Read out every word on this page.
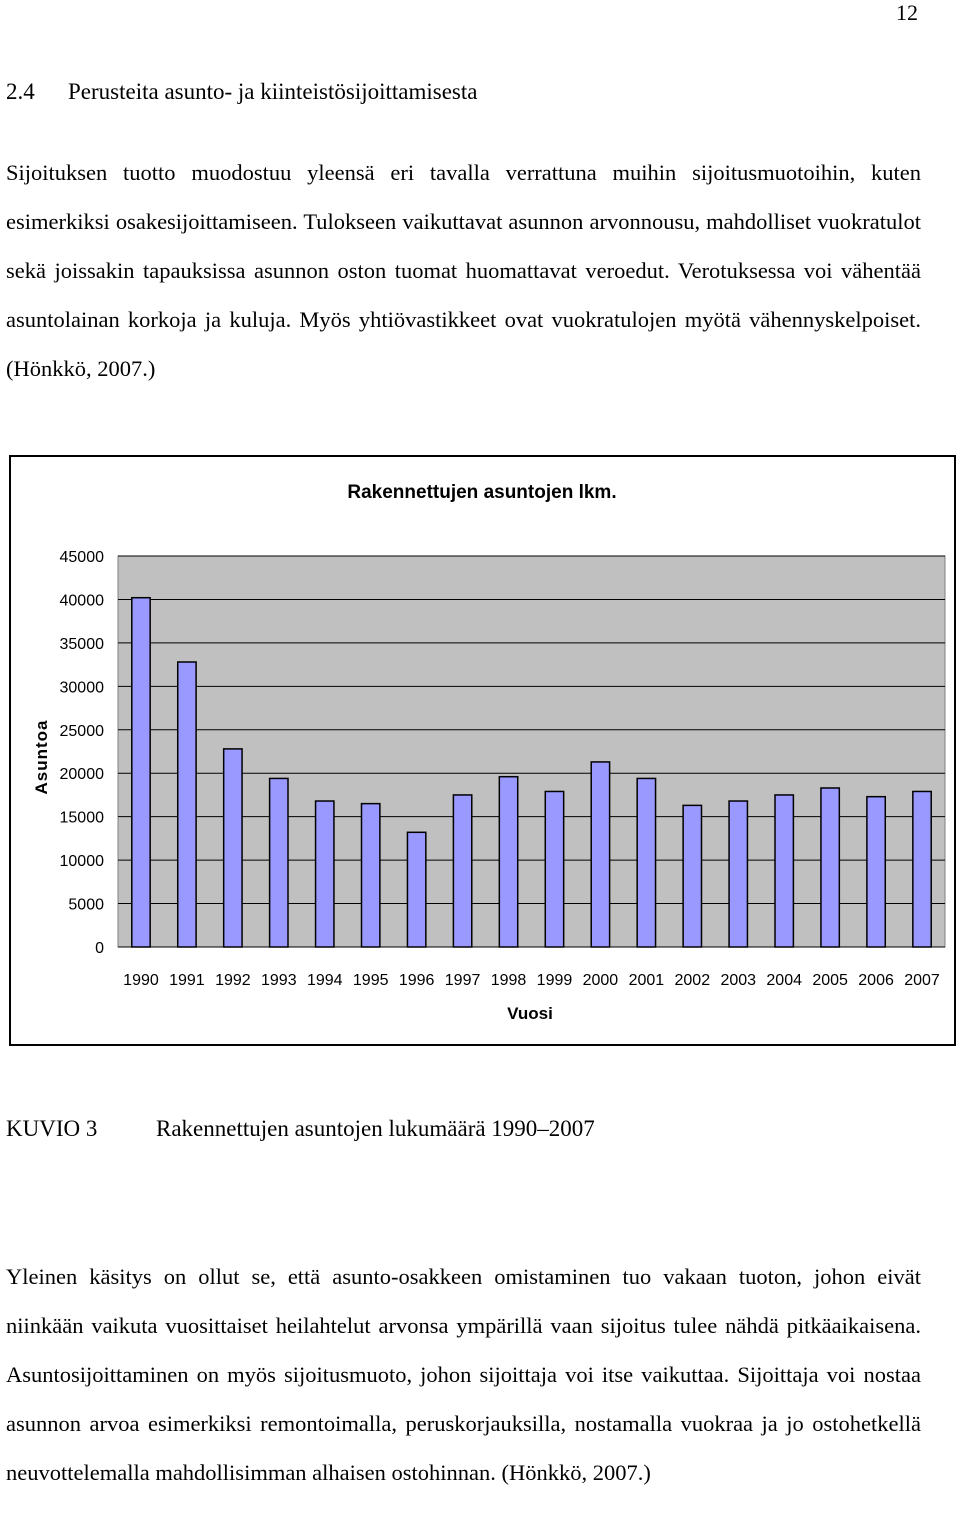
12
2.4 Perusteita asunto- ja kiinteistösijoittamisesta
Sijoituksen tuotto muodostuu yleensä eri tavalla verrattuna muihin sijoitusmuotoihin, kuten esimerkiksi osakesijoittamiseen. Tulokseen vaikuttavat asunnon arvonnousu, mahdolliset vuokratulot sekä joissakin tapauksissa asunnon oston tuomat huomattavat veroedut. Verotuksessa voi vähentää asuntolainan korkoja ja kuluja. Myös yhtiövastikkeet ovat vuokratulojen myötä vähennyskelpoiset. (Hönkkö, 2007.)
Rakennettujen asuntojen lkm.
0
5000
10000
15000
20000
25000
30000
35000
40000
45000
1990 1991 1992 1993 1994 1995 1996 1997 1998 1999 2000 2001 2002 2003 2004 2005 2006 2007
Asuntoa
Vuosi
KUVIO 3	Rakennettujen asuntojen lukumäärä 1990–2007
Yleinen käsitys on ollut se, että asunto-osakkeen omistaminen tuo vakaan tuoton, johon eivät niinkään vaikuta vuosittaiset heilahtelut arvonsa ympärillä vaan sijoitus tulee nähdä pitkäaikaisena. Asuntosijoittaminen on myös sijoitusmuoto, johon sijoittaja voi itse vaikuttaa. Sijoittaja voi nostaa asunnon arvoa esimerkiksi remontoimalla, peruskorjauksilla, nostamalla vuokraa ja jo ostohetkellä neuvottelemalla mahdollisimman alhaisen ostohinnan. (Hönkkö, 2007.)
